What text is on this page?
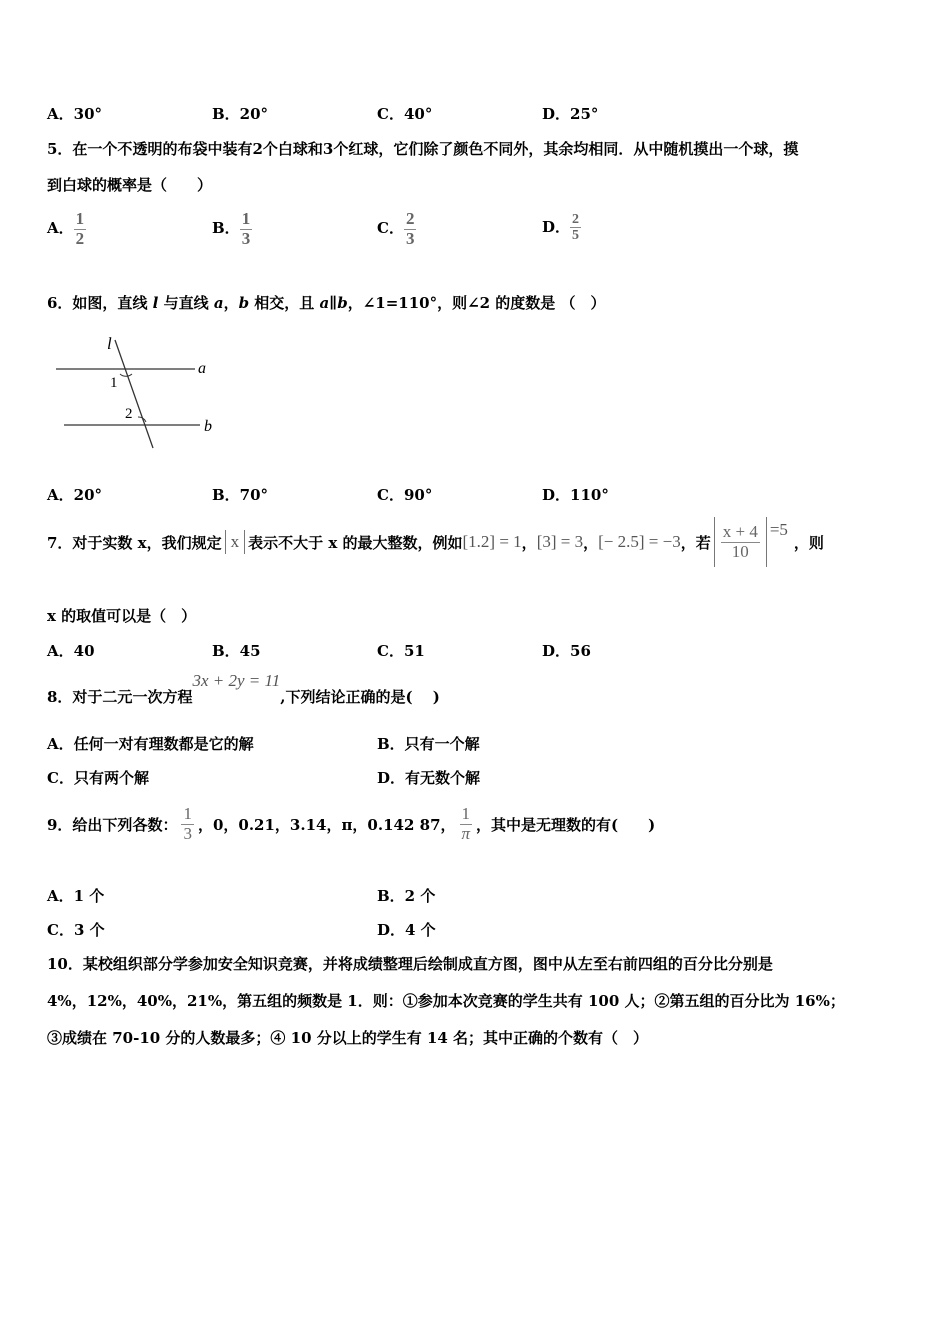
A．30°	B．20°	C．40°	D．25°
5．在一个不透明的布袋中装有2个白球和3个红球，它们除了颜色不同外，其余均相同．从中随机摸出一个球，摸
到白球的概率是（　　）
A． $\frac{1}{2}$	B． $\frac{1}{3}$	C． $\frac{2}{3}$	D． $\frac{2}{5}$
6．如图，直线 l 与直线 a，b 相交，且 a∥b，∠1=110°，则∠2 的度数是 （　）
l
a
b
1
2
A．20°	B．70°	C．90°	D．110°
7．对于实数 x，我们规定 x 表示不大于 x 的最大整数，例如 [1.2] = 1 ， [3] = 3 ， [− 2.5] = −3 ，若 $\frac{x + 4}{10} =5$
，则
x 的取值可以是（　）
A．40	B．45	C．51	D．56
8．对于二元一次方程3x + 2y = 11,下列结论正确的是(　 )
A．任何一对有理数都是它的解	B．只有一个解
C．只有两个解	D．有无数个解
9．给出下列各数： $\frac{1}{3}$ ，0，0.21，3.14，π，0.142 87， $\frac{1}{\pi}$ ，其中是无理数的有(　　)
A．1 个	B．2 个
C．3 个	D．4 个
10．某校组织部分学参加安全知识竞赛，并将成绩整理后绘制成直方图，图中从左至右前四组的百分比分别是
4%，12%，40%，21%，第五组的频数是 1．则：①参加本次竞赛的学生共有 100 人；②第五组的百分比为 16%；
③成绩在 70-10 分的人数最多；④ 10 分以上的学生有 14 名；其中正确的个数有（　）
